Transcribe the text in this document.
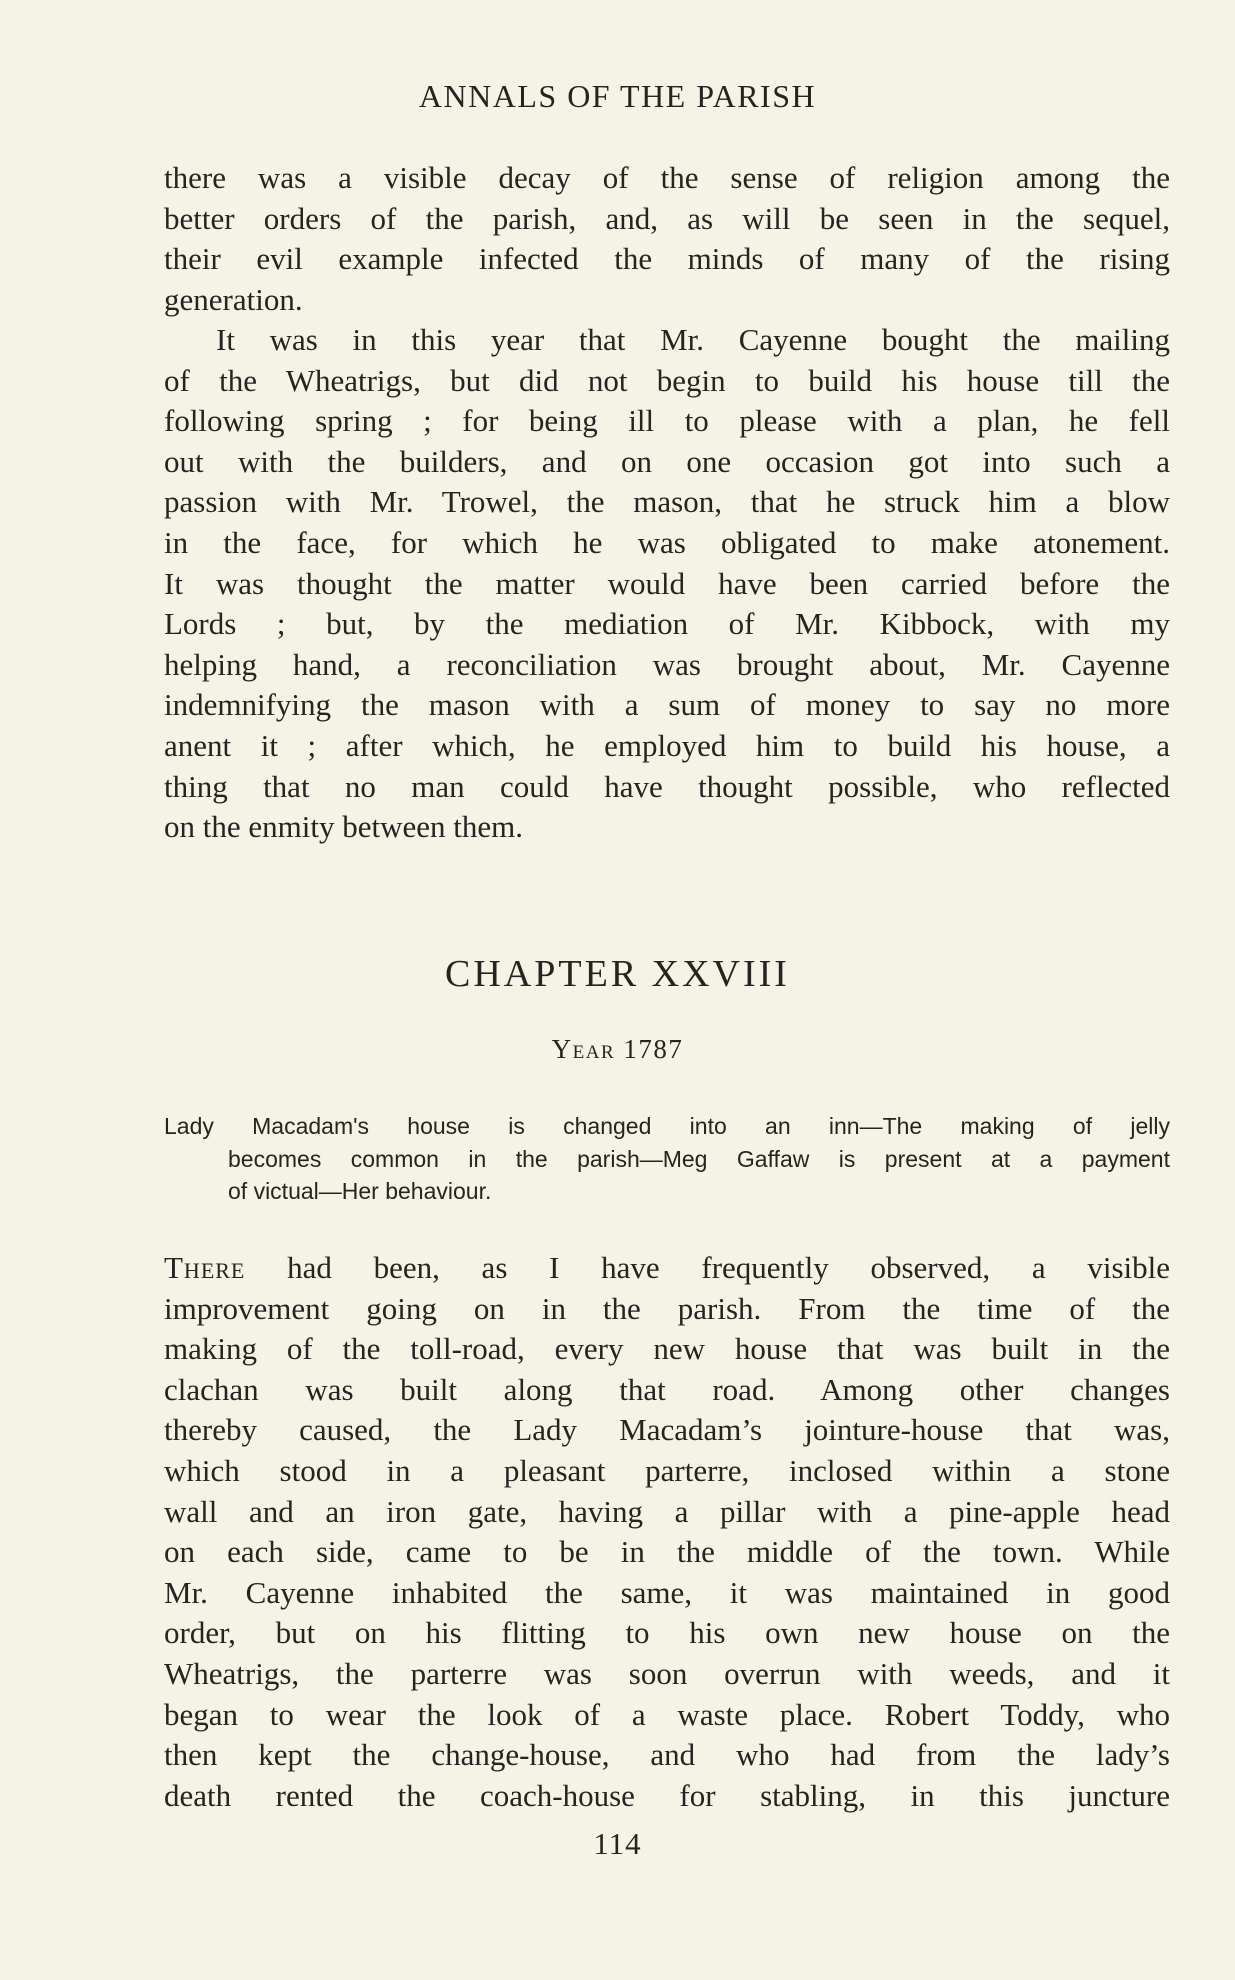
ANNALS OF THE PARISH
there was a visible decay of the sense of religion among the
better orders of the parish, and, as will be seen in the sequel,
their evil example infected the minds of many of the rising
generation.
It was in this year that Mr. Cayenne bought the mailing
of the Wheatrigs, but did not begin to build his house till the
following spring ; for being ill to please with a plan, he fell
out with the builders, and on one occasion got into such a
passion with Mr. Trowel, the mason, that he struck him a blow
in the face, for which he was obligated to make atonement.
It was thought the matter would have been carried before the
Lords ; but, by the mediation of Mr. Kibbock, with my
helping hand, a reconciliation was brought about, Mr. Cayenne
indemnifying the mason with a sum of money to say no more
anent it ; after which, he employed him to build his house, a
thing that no man could have thought possible, who reflected
on the enmity between them.
CHAPTER XXVIII
Year 1787
Lady Macadam's house is changed into an inn—The making of jelly
becomes common in the parish—Meg Gaffaw is present at a payment
of victual—Her behaviour.
There had been, as I have frequently observed, a visible
improvement going on in the parish. From the time of the
making of the toll-road, every new house that was built in the
clachan was built along that road. Among other changes
thereby caused, the Lady Macadam’s jointure-house that was,
which stood in a pleasant parterre, inclosed within a stone
wall and an iron gate, having a pillar with a pine-apple head
on each side, came to be in the middle of the town. While
Mr. Cayenne inhabited the same, it was maintained in good
order, but on his flitting to his own new house on the
Wheatrigs, the parterre was soon overrun with weeds, and it
began to wear the look of a waste place. Robert Toddy, who
then kept the change-house, and who had from the lady’s
death rented the coach-house for stabling, in this juncture
114
